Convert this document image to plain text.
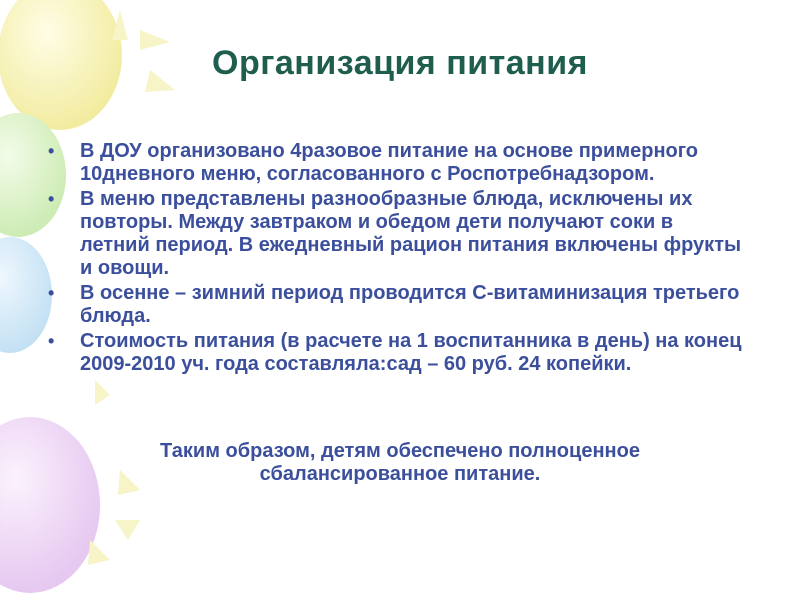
Организация питания
• В ДОУ организовано 4разовое питание на основе примерного 10дневного меню, согласованного с Роспотребнадзором.
• В меню представлены разнообразные блюда, исключены их повторы. Между завтраком и обедом дети получают соки в летний период. В ежедневный рацион питания включены фрукты и овощи.
• В осенне – зимний период проводится С-витаминизация третьего блюда.
• Стоимость питания (в расчете на 1 воспитанника в день) на конец 2009-2010 уч. года составляла:сад – 60 руб. 24 копейки.
Таким образом, детям обеспечено полноценное сбалансированное питание.
